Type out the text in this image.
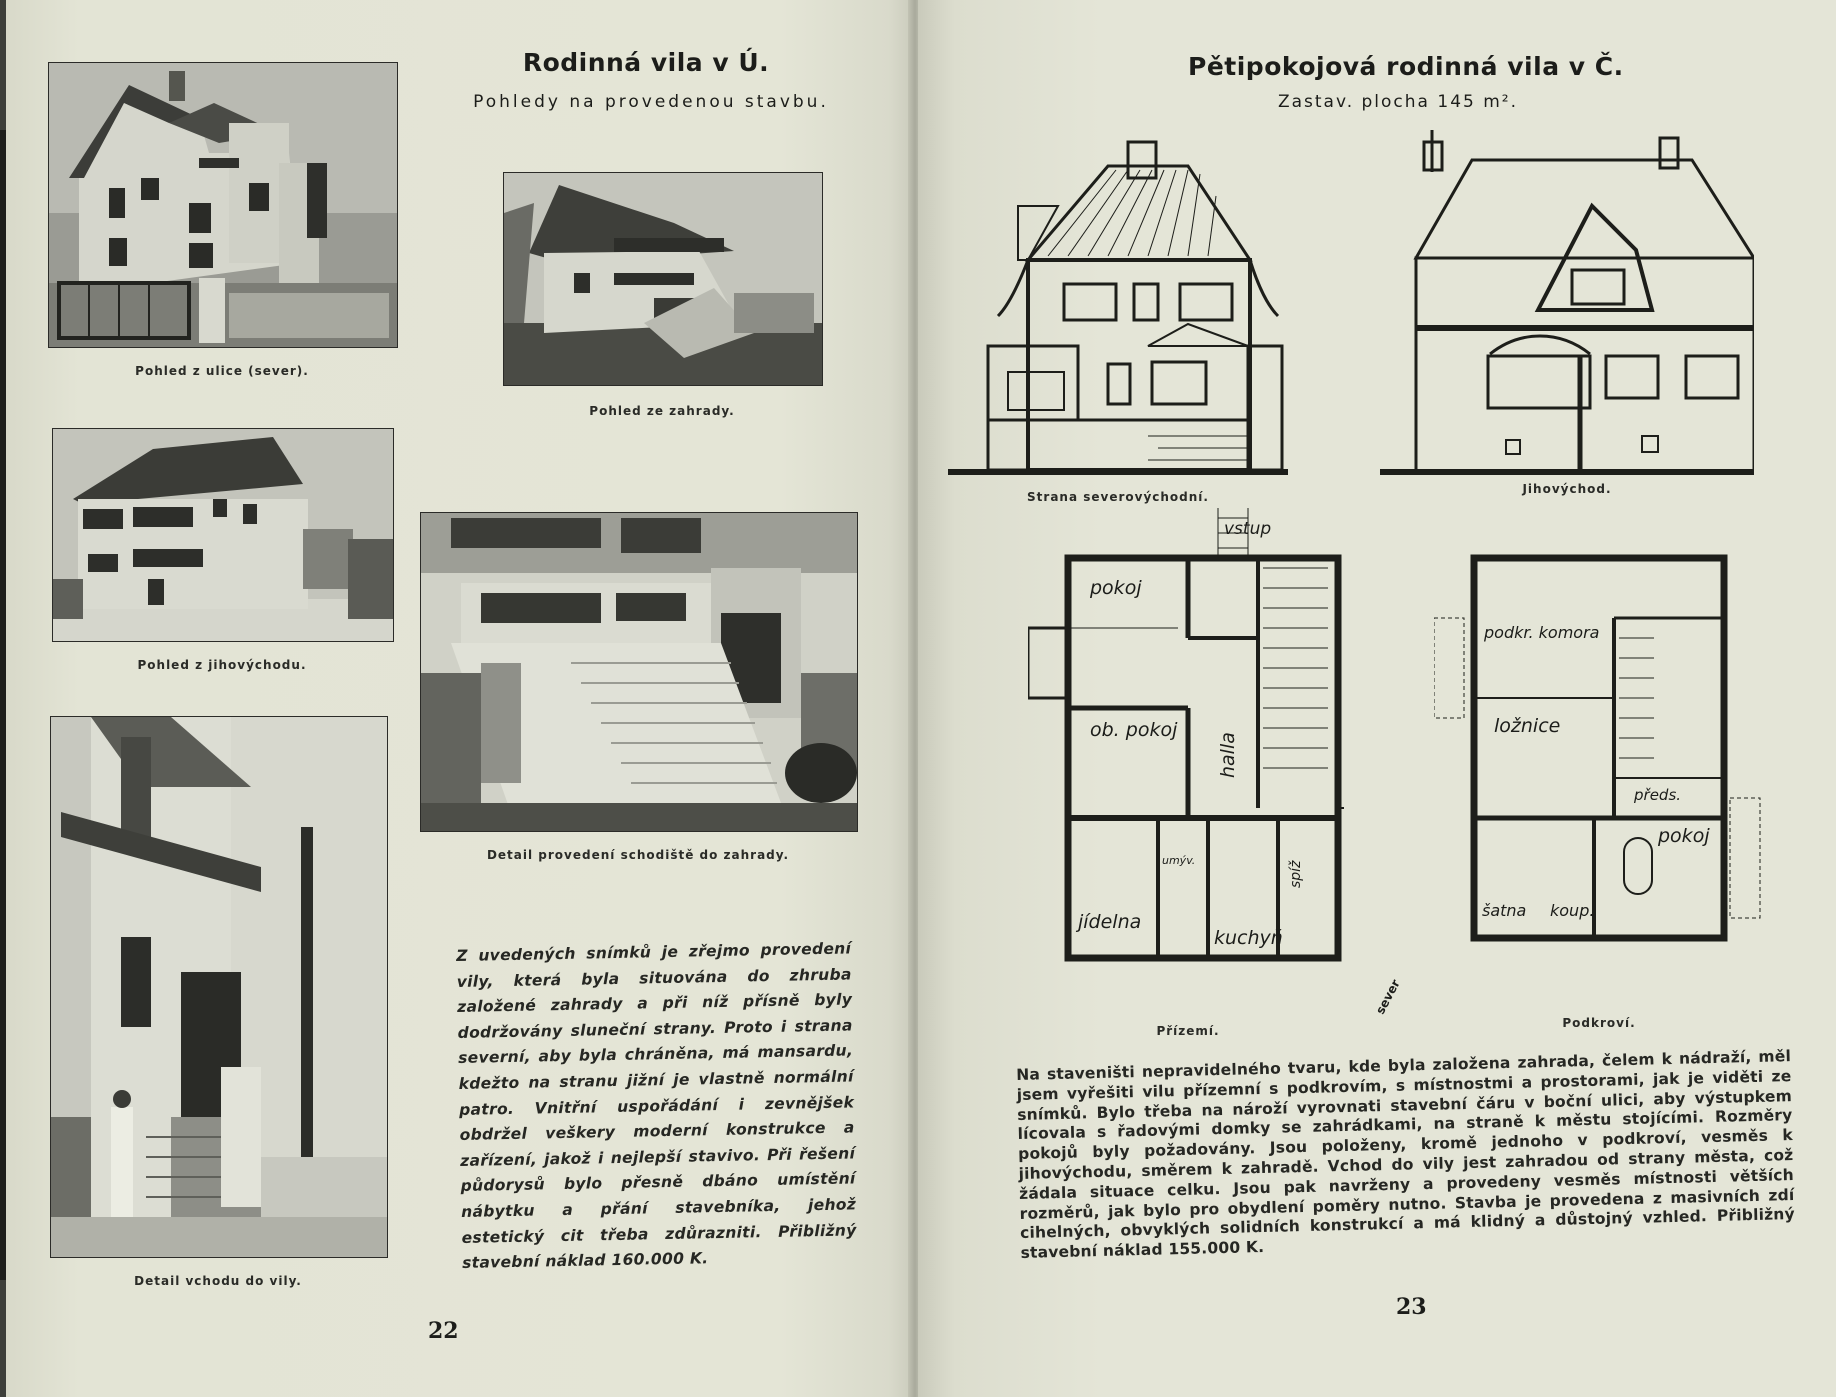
Rodinná vila v Ú.
Pohledy na provedenou stavbu.
Pohled z ulice (sever).
Pohled ze zahrady.
Pohled z jihovýchodu.
Detail provedení schodiště do zahrady.
Detail vchodu do vily.
Z uvedených snímků je zřejmo provedení vily, která byla situována do zhruba založené zahrady a při níž přísně byly dodržovány sluneční strany. Proto i strana severní, aby byla chráněna, má mansardu, kdežto na stranu jižní je vlastně normální patro. Vnitřní uspořádání i zevnějšek obdržel veškery moderní konstrukce a zařízení, jakož i nejlepší stavivo. Při řešení půdorysů bylo přesně dbáno umístění nábytku a přání stavebníka, jehož estetický cit třeba zdůrazniti. Přibližný stavební náklad 160.000 K.
22
Pětipokojová rodinná vila v Č.
Zastav. plocha 145 m².
Strana severovýchodní.
Jihovýchod.
pokoj
ob. pokoj
halla
jídelna
kuchyň
spíž
umýv.
vstup
Přízemí.
sever
podkr. komora
ložnice
předs.
pokoj
šatna koup.
Podkroví.
Na staveništi nepravidelného tvaru, kde byla založena zahrada, čelem k nádraží, měl jsem vyřešiti vilu přízemní s podkrovím, s místnostmi a prostorami, jak je viděti ze snímků. Bylo třeba na nároží vyrovnati stavební čáru v boční ulici, aby výstupkem lícovala s řadovými domky se zahrádkami, na straně k městu stojícími. Rozměry pokojů byly požadovány. Jsou položeny, kromě jednoho v podkroví, vesměs k jihovýchodu, směrem k zahradě. Vchod do vily jest zahradou od strany města, což žádala situace celku. Jsou pak navrženy a provedeny vesměs místnosti větších rozměrů, jak bylo pro obydlení poměry nutno. Stavba je provedena z masivních zdí cihelných, obvyklých solidních konstrukcí a má klidný a důstojný vzhled. Přibližný stavební náklad 155.000 K.
23
